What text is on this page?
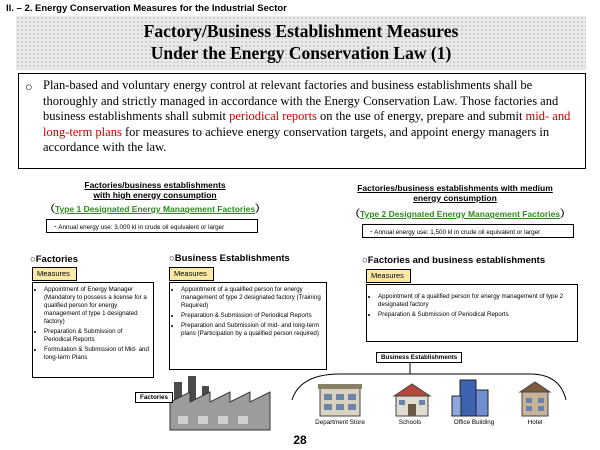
II. – 2. Energy Conservation Measures for the Industrial Sector
Factory/Business Establishment Measures
Under the Energy Conservation Law (1)
○ Plan-based and voluntary energy control at relevant factories and business establishments shall be thoroughly and strictly managed in accordance with the Energy Conservation Law. Those factories and business establishments shall submit periodical reports on the use of energy, prepare and submit mid- and long-term plans for measures to achieve energy conservation targets, and appoint energy managers in accordance with the law.
Factories/business establishments
with high energy consumption
（Type 1 Designated Energy Management Factories）
・Annual energy use: 3,000 kl in crude oil equivalent or larger
Factories/business establishments with medium
energy consumption
（Type 2 Designated Energy Management Factories）
・Annual energy use: 1,500 kl in crude oil equivalent or larger
○Factories
Measures
• Appointment of Energy Manager (Mandatory to possess a license for a qualified person for energy management of type 1 designated factory)
• Preparation & Submission of Periodical Reports
• Formulation & Submission of Mid- and long-term Plans
○Business Establishments
Measures
• Appointment of a qualified person for energy management of type 2 designated factory (Training Required)
• Preparation & Submission of Periodical Reports
• Preparation and Submission of mid- and long-term plans (Participation by a qualified person required)
○Factories and business establishments
Measures
• Appointment of a qualified person for energy management of type 2 designated factory
• Preparation & Submission of Periodical Reports
Business Establishments
Factories
Department Store	Schools	Office Building	Hotel
28
